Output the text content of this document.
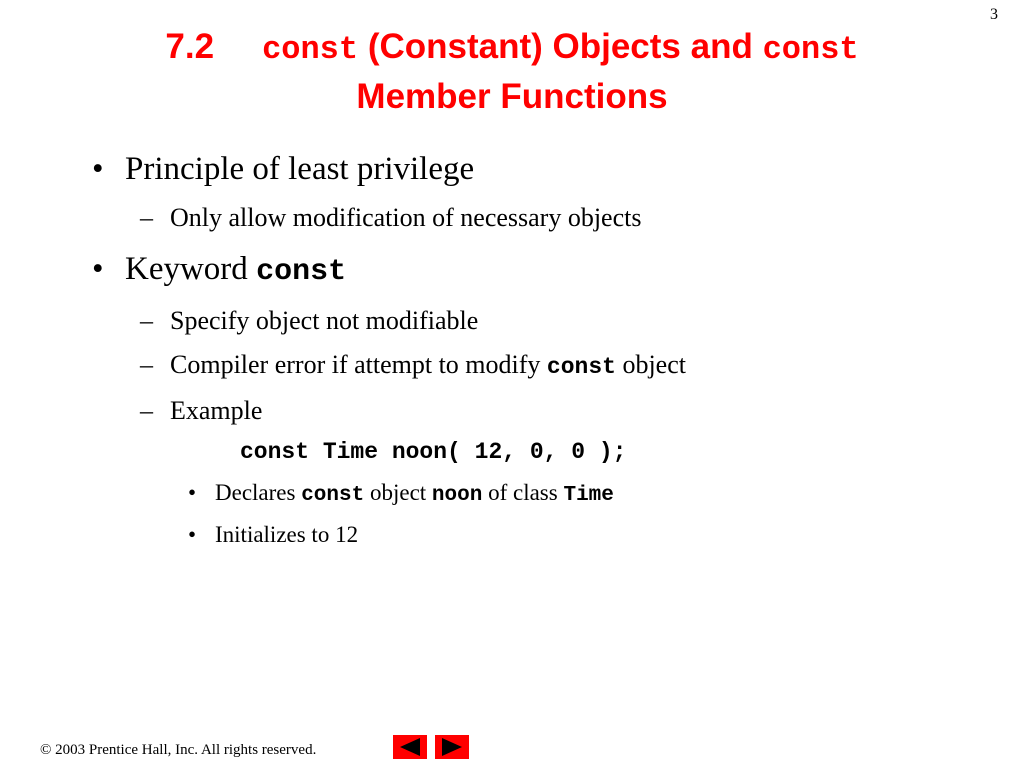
3
7.2 const (Constant) Objects and const
Member Functions
• Principle of least privilege
– Only allow modification of necessary objects
• Keyword const
– Specify object not modifiable
– Compiler error if attempt to modify const object
– Example
const Time noon( 12, 0, 0 );
• Declares const object noon of class Time
• Initializes to 12
© 2003 Prentice Hall, Inc. All rights reserved.
